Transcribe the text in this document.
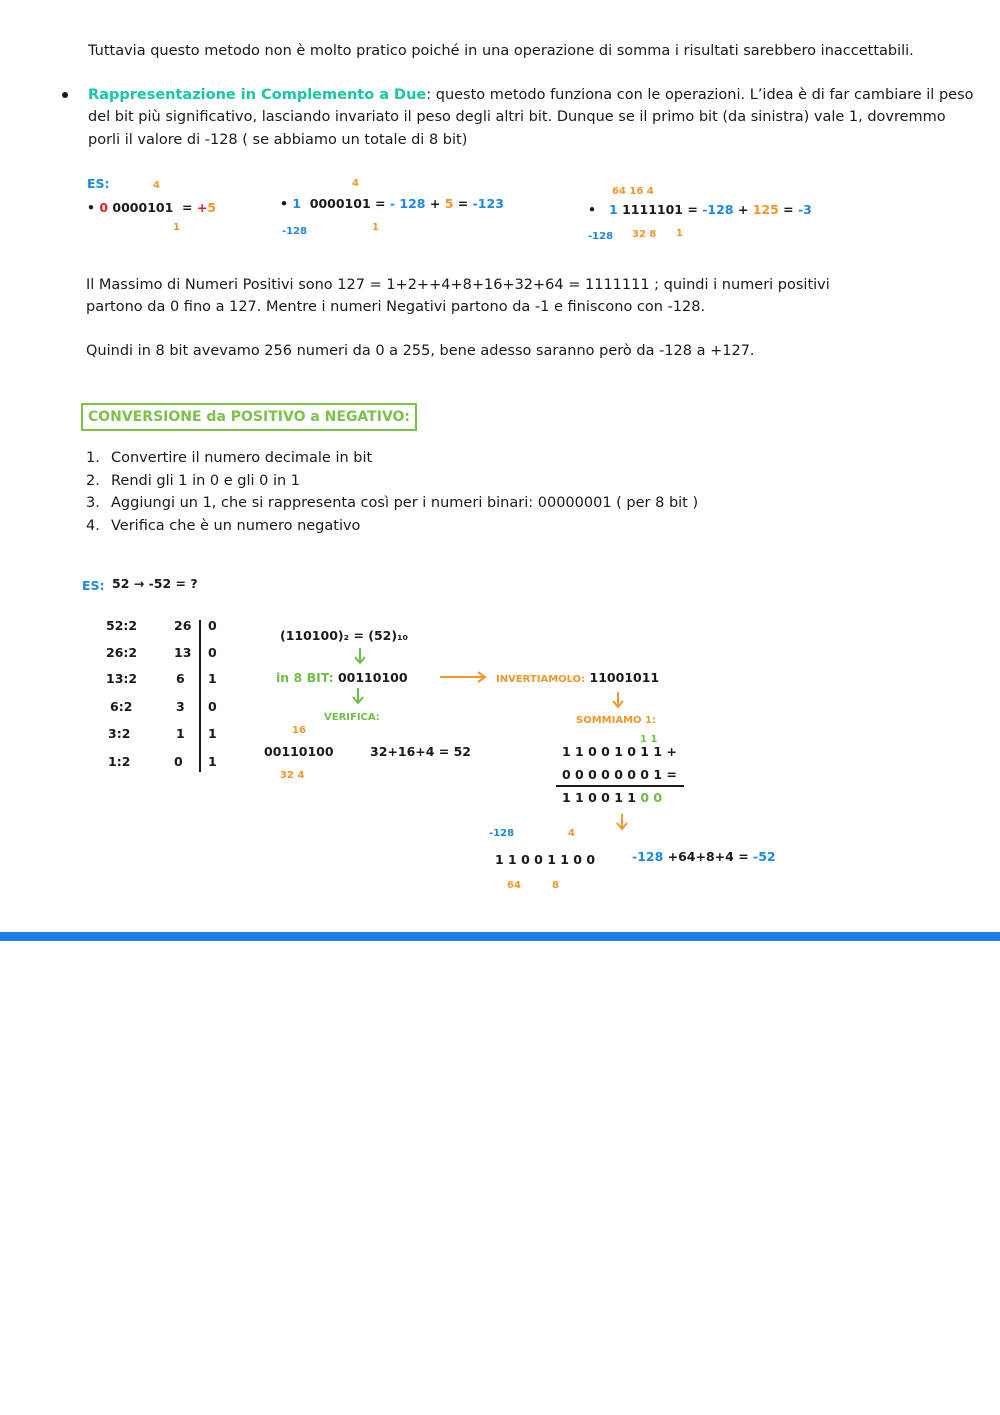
Tuttavia questo metodo non è molto pratico poiché in una operazione di somma i risultati sarebbero inaccettabili.
Rappresentazione in Complemento a Due: questo metodo funziona con le operazioni. L’idea è di far cambiare il peso
del bit più significativo, lasciando invariato il peso degli altri bit. Dunque se il primo bit (da sinistra) vale 1, dovremmo
porli il valore di -128 ( se abbiamo un totale di 8 bit)
ES:	4
• 0 0000101 = +5
1
4
• 1 0000101 = - 128 + 5 = -123
-128	1
64 16 4
•   1 1111101 = -128 + 125 = -3
-128 32 8 1
Il Massimo di Numeri Positivi sono 127 = 1+2++4+8+16+32+64 = 1111111 ; quindi i numeri positivi
partono da 0 fino a 127. Mentre i numeri Negativi partono da -1 e finiscono con -128.
Quindi in 8 bit avevamo 256 numeri da 0 a 255, bene adesso saranno però da -128 a +127.
CONVERSIONE da POSITIVO a NEGATIVO:
1. Convertire il numero decimale in bit
2. Rendi gli 1 in 0 e gli 0 in 1
3. Aggiungi un 1, che si rappresenta così per i numeri binari: 00000001 ( per 8 bit )
4. Verifica che è un numero negativo
ES: 52 → -52 = ?
52:2	26 0
26:2	13 0
13:2	6 1
6:2	3 0
3:2	1 1
1:2	0 1
(110100)₂ = (52)₁₀
in 8 BIT: 00110100	INVERTIAMOLO: 11001011
VERIFICA:
16
00110100
32 4
32+16+4 = 52
SOMMIAMO 1:
1 1
1 1 0 0 1 0 1 1 +
0 0 0 0 0 0 0 1 =
1 1 0 0 1 1 0 0
-128	4
1 1 0 0 1 1 0 0
64	8
-128 +64+8+4 = -52
